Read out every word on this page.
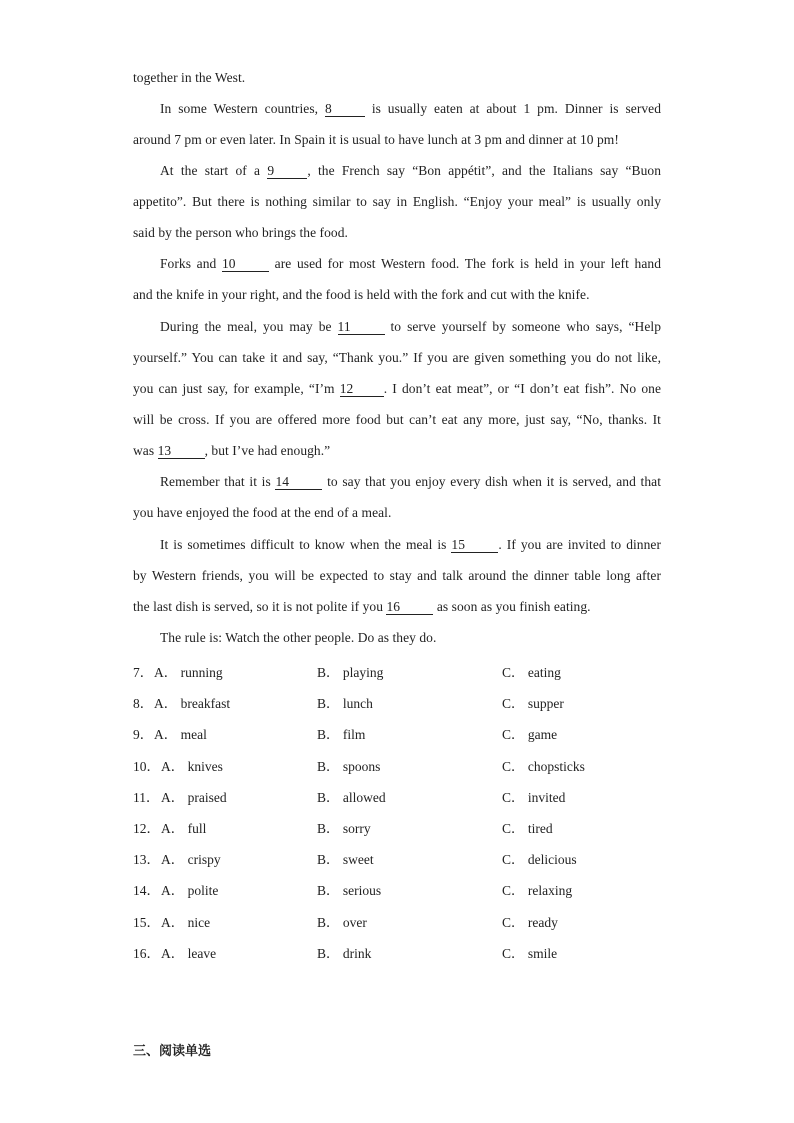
together in the West.
In some Western countries, 8 is usually eaten at about 1 pm. Dinner is served
around 7 pm or even later. In Spain it is usual to have lunch at 3 pm and dinner at 10 pm!
At the start of a 9 , the French say “Bon appétit”, and the Italians say “Buon
appetito”. But there is nothing similar to say in English. “Enjoy your meal” is usually only
said by the person who brings the food.
Forks and 10 are used for most Western food. The fork is held in your left hand
and the knife in your right, and the food is held with the fork and cut with the knife.
During the meal, you may be 11	to serve yourself by someone who says, “Help
yourself.” You can take it and say, “Thank you.” If you are given something you do not like,
you can just say, for example, “I’m 12 . I don’t eat meat”, or “I don’t eat fish”. No one
will be cross. If you are offered more food but can’t eat any more, just say, “No, thanks. It
was 13 , but I’ve had enough.”
Remember that it is 14 to say that you enjoy every dish when it is served, and that
you have enjoyed the food at the end of a meal.
It is sometimes difficult to know when the meal is 15 . If you are invited to dinner
by Western friends, you will be expected to stay and talk around the dinner table long after
the last dish is served, so it is not polite if you 16 as soon as you finish eating.
The rule is: Watch the other people. Do as they do.
7． A． running	B． playing	C． eating
8． A． breakfast	B． lunch	C． supper
9． A． meal	B． film	C． game
10． A． knives	B． spoons	C． chopsticks
11． A． praised	B． allowed	C． invited
12． A． full	B． sorry	C． tired
13． A． crispy	B． sweet	C． delicious
14． A． polite	B． serious	C． relaxing
15． A． nice	B． over	C． ready
16． A． leave	B． drink	C． smile
三、阅读单选
